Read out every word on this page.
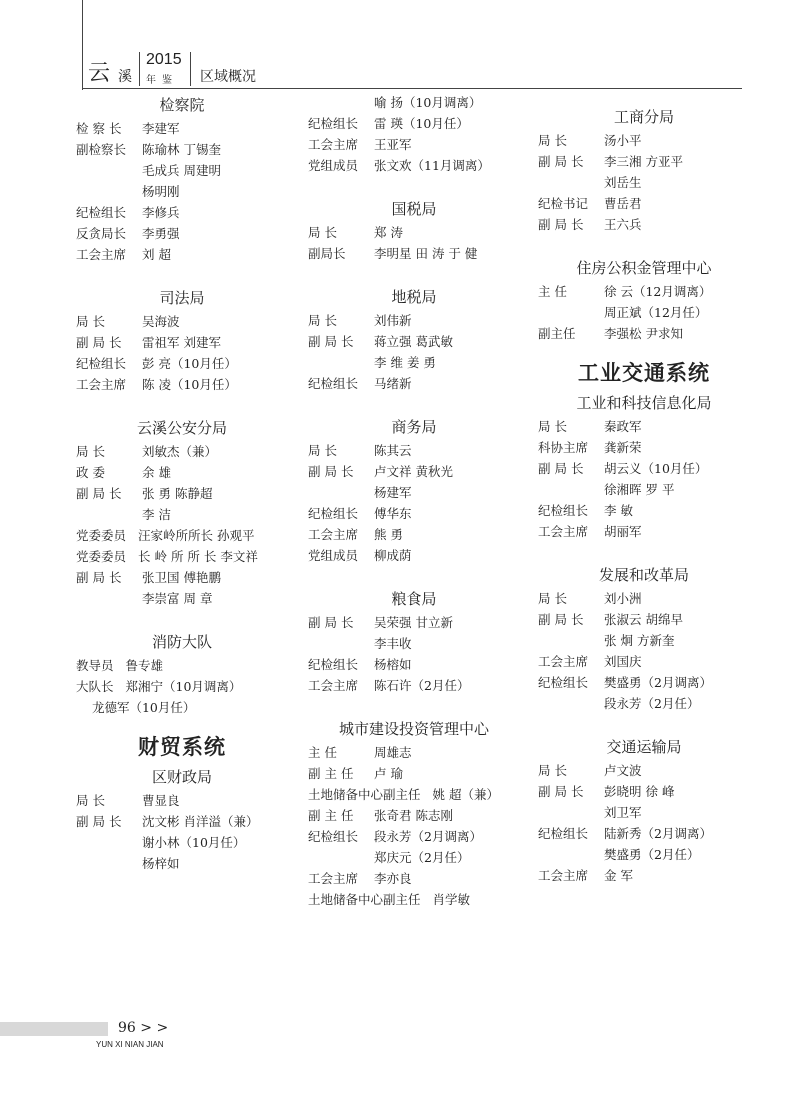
云 溪
2015
年鉴 区域概况
检察院
检 察 长 李建军
副检察长 陈瑜林 丁锡奎
毛成兵 周建明
杨明刚
纪检组长 李修兵
反贪局长 李勇强
工会主席 刘 超
司法局
局 长	吴海波
副 局 长 雷祖军 刘建军
纪检组长 彭 亮（10月任）
工会主席 陈 凌（10月任）
云溪公安分局
局 长	刘敏杰（兼）
政 委	余 雄
副 局 长 张 勇 陈静超
李 洁
党委委员 汪家岭所所长 孙观平
党委委员 长 岭 所 所 长 李文祥
副 局 长 张卫国 傅艳鹏
李崇富 周 章
消防大队
教导员 鲁专雄
大队长 郑湘宁（10月调离）
龙德军（10月任）
财贸系统
区财政局
局 长	曹显良
副 局 长 沈文彬 肖洋溢（兼）
谢小林（10月任）
杨梓如
喻 扬（10月调离）
纪检组长 雷 瑛（10月任）
工会主席 王亚军
党组成员 张文欢（11月调离）
国税局
局 长	郑 涛
副局长 李明星 田 涛 于 健
地税局
局 长	刘伟新
副 局 长 蒋立强 葛武敏
李 维 姜 勇
纪检组长 马绪新
商务局
局 长	陈其云
副 局 长 卢文祥 黄秋光
杨建军
纪检组长 傅华东
工会主席 熊 勇
党组成员 柳成荫
粮食局
副 局 长 吴荣强 甘立新
李丰收
纪检组长 杨榕如
工会主席 陈石许（2月任）
城市建设投资管理中心
主 任	周雄志
副 主 任 卢 瑜
土地储备中心副主任 姚 超（兼）
副 主 任 张奇君 陈志刚
纪检组长 段永芳（2月调离）
郑庆元（2月任）
工会主席 李亦良
土地储备中心副主任 肖学敏
工商分局
局 长	汤小平
副 局 长 李三湘 方亚平
刘岳生
纪检书记 曹岳君
副 局 长 王六兵
住房公积金管理中心
主 任	徐 云（12月调离）
周正斌（12月任）
副主任 李强松 尹求知
工业交通系统
工业和科技信息化局
局 长	秦政军
科协主席 龚新荣
副 局 长 胡云义（10月任）
徐湘晖 罗 平
纪检组长 李 敏
工会主席 胡丽军
发展和改革局
局 长	刘小洲
副 局 长 张淑云 胡绵早
张 炯 方新奎
工会主席 刘国庆
纪检组长 樊盛勇（2月调离）
段永芳（2月任）
交通运输局
局 长	卢文波
副 局 长 彭晓明 徐 峰
刘卫军
纪检组长 陆新秀（2月调离）
樊盛勇（2月任）
工会主席 金 军
96 > >
YUN XI NIAN JIAN
